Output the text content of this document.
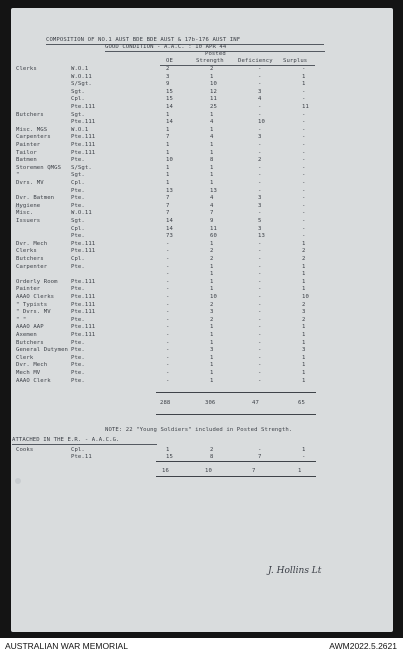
COMPOSITION OF NO.1 AUST BDE BDE AUST & 17b-176 AUST INF
GOOD CONDITION - A.A.C. : 10 APR 44
Posted
OE	Strength	Deficiency Surplus
Clerks	W.O.1	2	2	-	-
W.O.11	3	1	-	1
S/Sgt.	9	10	-	1
Sgt.	15	12	3	-
Cpl.	15	11	4	-
Pte.111	14	25	-	11
Butchers	Sgt.	1	1	-	-
Pte.111	14	4	10	-
Misc. MGS	W.O.1	1	1	-	-
Carpenters	Pte.111	7	4	3	-
Painter	Pte.111	1	1	-	-
Tailor	Pte.111	1	1	-	-
Batmen	Pte.	10	8	2	-
Storemen QMGS S/Sgt.	1	1	-	-
"	Sgt.	1	1	-	-
Dvrs. MV	Cpl.	1	1	-	-
Pte.	13	13	-	-
Dvr. Batmen	Pte.	7	4	3	-
Hygiene	Pte.	7	4	3	-
Misc.	W.O.11	7	7	-	-
Issuers	Sgt.	14	9	5	-
Cpl.	14	11	3	-
Pte.	73	60	13	-
Dvr. Mech	Pte.111	-	1	-	1
Clerks	Pte.111	-	2	-	2
Butchers	Cpl.	-	2	-	2
Carpenter	Pte.	-	1	-	1
-	1	-	1
Orderly Room Pte.111	-	1	-	1
Painter	Pte.	-	1	-	1
AAAO Clerks	Pte.111	-	10	-	10
" Typists	Pte.111	-	2	-	2
" Dvrs. MV	Pte.111	-	3	-	3
" "	Pte.	-	2	-	2
AAAO AAP	Pte.111	-	1	-	1
Axemen	Pte.111	-	1	-	1
Butchers	Pte.	-	1	-	1
General Dutymen Pte.	-	3	-	3
Clerk	Pte.	-	1	-	1
Dvr. Mech	Pte.	-	1	-	1
Mech MV	Pte.	-	1	-	1
AAAO Clerk	Pte.	-	1	-	1
288	306	47	65
NOTE: 22 "Young Soldiers" included in Posted Strength.
ATTACHED IN THE E.R. - A.A.C.G.
Cooks	Cpl.	1	2	-	1
Pte.11	15	8	7	-
16	10	7	1
J. Hollins Lt
AUSTRALIAN WAR MEMORIAL	AWM2022.5.2621
